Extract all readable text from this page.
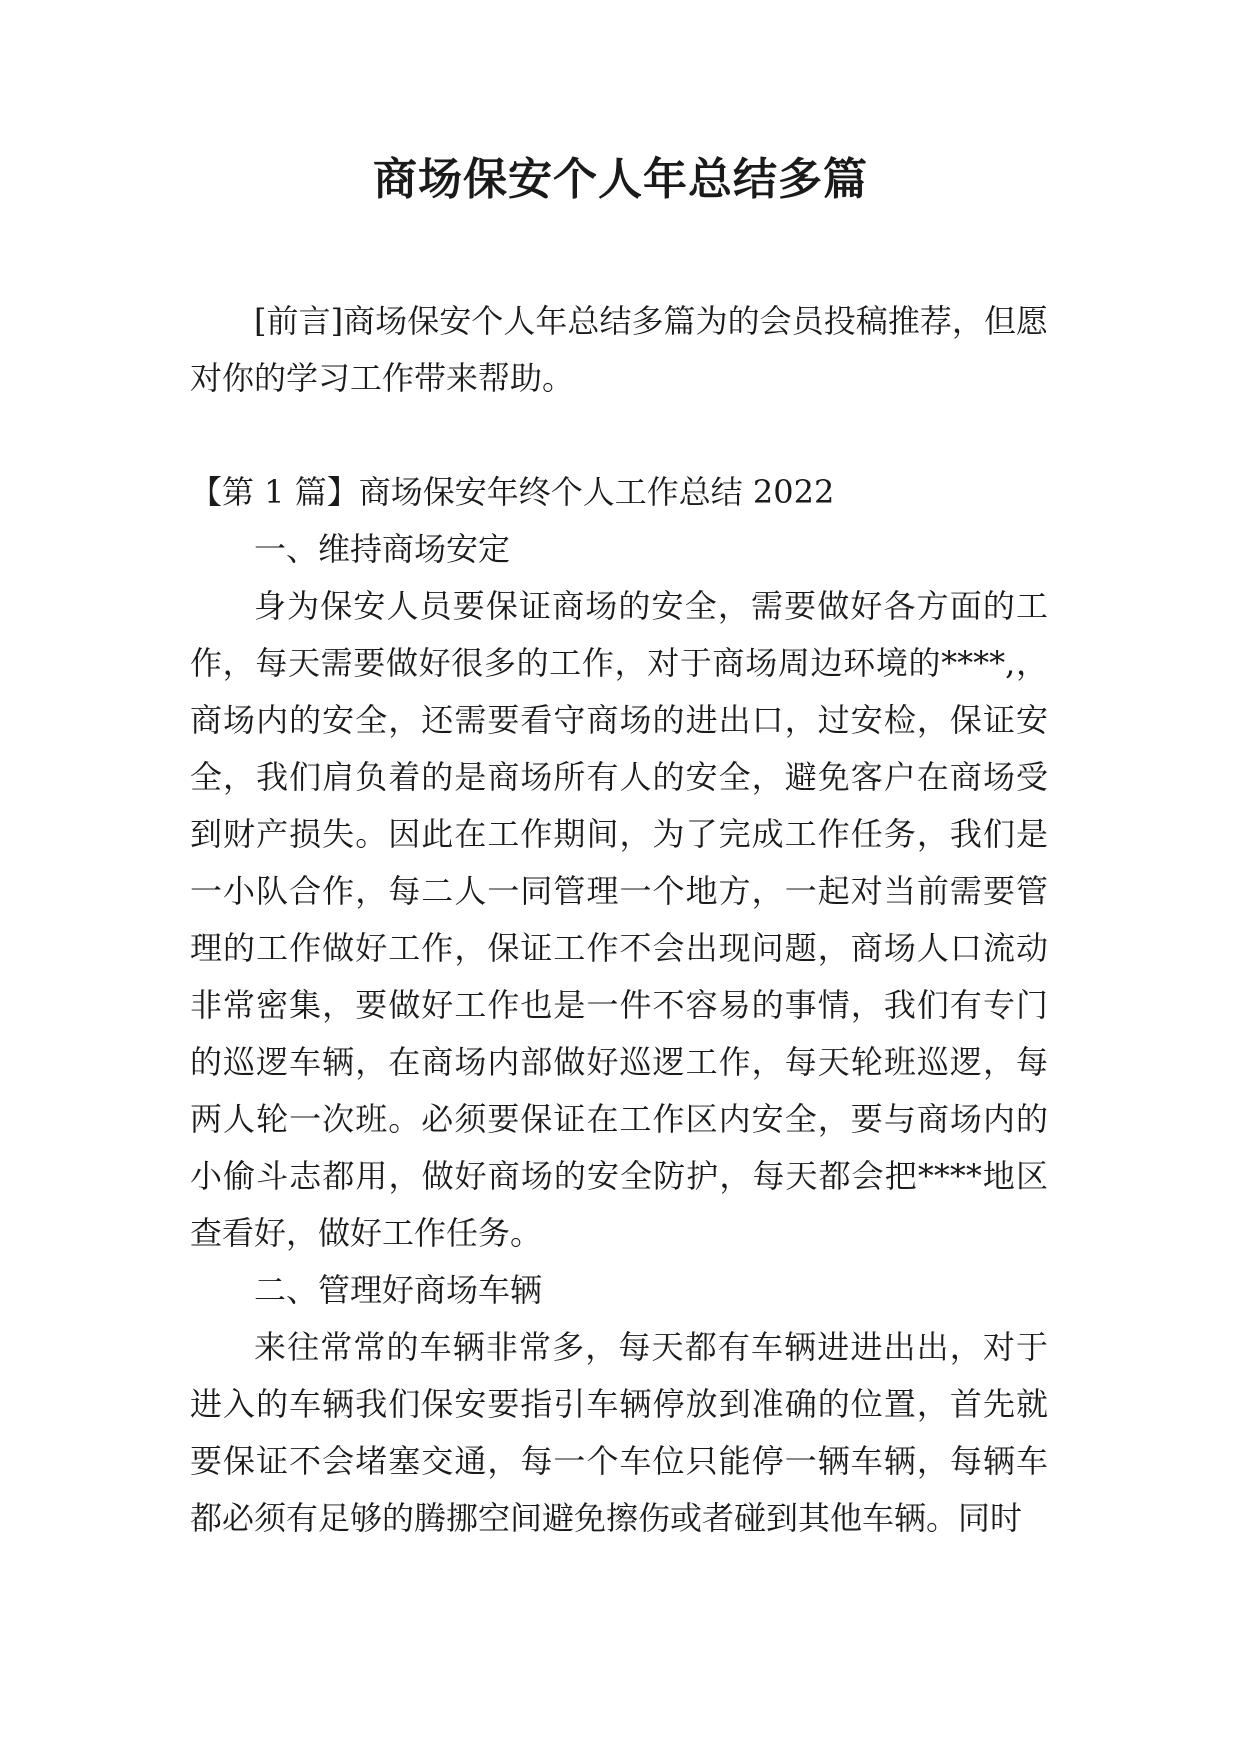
商场保安个人年总结多篇

[前言]商场保安个人年总结多篇为的会员投稿推荐，但愿对你的学习工作带来帮助。

【第 1 篇】商场保安年终个人工作总结 2022

一、维持商场安定

身为保安人员要保证商场的安全，需要做好各方面的工作，每天需要做好很多的工作，对于商场周边环境的****,，商场内的安全，还需要看守商场的进出口，过安检，保证安全，我们肩负着的是商场所有人的安全，避免客户在商场受到财产损失。因此在工作期间，为了完成工作任务，我们是一小队合作，每二人一同管理一个地方，一起对当前需要管理的工作做好工作，保证工作不会出现问题，商场人口流动非常密集，要做好工作也是一件不容易的事情，我们有专门的巡逻车辆，在商场内部做好巡逻工作，每天轮班巡逻，每两人轮一次班。必须要保证在工作区内安全，要与商场内的小偷斗志都用，做好商场的安全防护，每天都会把****地区查看好，做好工作任务。

二、管理好商场车辆

来往常常的车辆非常多，每天都有车辆进进出出，对于进入的车辆我们保安要指引车辆停放到准确的位置，首先就要保证不会堵塞交通，每一个车位只能停一辆车辆，每辆车都必须有足够的腾挪空间避免擦伤或者碰到其他车辆。同时
